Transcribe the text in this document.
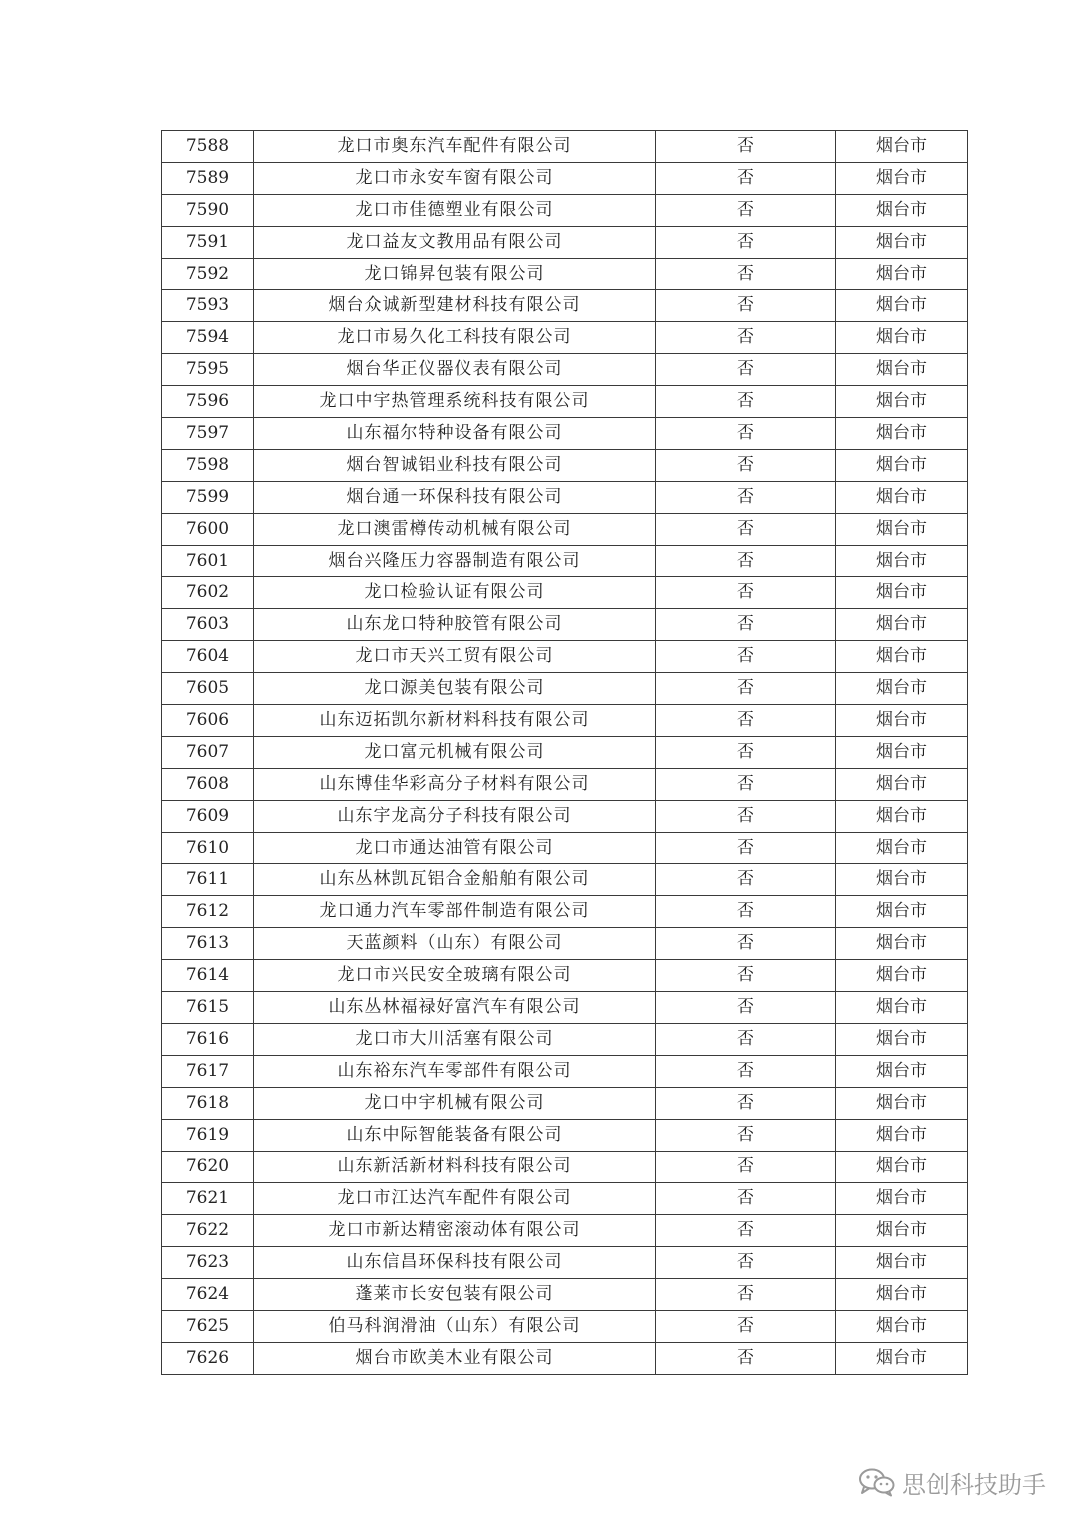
7588	龙口市奥东汽车配件有限公司	否	烟台市
7589	龙口市永安车窗有限公司	否	烟台市
7590	龙口市佳德塑业有限公司	否	烟台市
7591	龙口益友文教用品有限公司	否	烟台市
7592	龙口锦昇包装有限公司	否	烟台市
7593	烟台众诚新型建材科技有限公司	否	烟台市
7594	龙口市易久化工科技有限公司	否	烟台市
7595	烟台华正仪器仪表有限公司	否	烟台市
7596	龙口中宇热管理系统科技有限公司	否	烟台市
7597	山东福尔特种设备有限公司	否	烟台市
7598	烟台智诚铝业科技有限公司	否	烟台市
7599	烟台通一环保科技有限公司	否	烟台市
7600	龙口澳雷樽传动机械有限公司	否	烟台市
7601	烟台兴隆压力容器制造有限公司	否	烟台市
7602	龙口检验认证有限公司	否	烟台市
7603	山东龙口特种胶管有限公司	否	烟台市
7604	龙口市天兴工贸有限公司	否	烟台市
7605	龙口源美包装有限公司	否	烟台市
7606	山东迈拓凯尔新材料科技有限公司	否	烟台市
7607	龙口富元机械有限公司	否	烟台市
7608	山东博佳华彩高分子材料有限公司	否	烟台市
7609	山东宇龙高分子科技有限公司	否	烟台市
7610	龙口市通达油管有限公司	否	烟台市
7611	山东丛林凯瓦铝合金船舶有限公司	否	烟台市
7612	龙口通力汽车零部件制造有限公司	否	烟台市
7613	天蓝颜料（山东）有限公司	否	烟台市
7614	龙口市兴民安全玻璃有限公司	否	烟台市
7615	山东丛林福禄好富汽车有限公司	否	烟台市
7616	龙口市大川活塞有限公司	否	烟台市
7617	山东裕东汽车零部件有限公司	否	烟台市
7618	龙口中宇机械有限公司	否	烟台市
7619	山东中际智能装备有限公司	否	烟台市
7620	山东新活新材料科技有限公司	否	烟台市
7621	龙口市江达汽车配件有限公司	否	烟台市
7622	龙口市新达精密滚动体有限公司	否	烟台市
7623	山东信昌环保科技有限公司	否	烟台市
7624	蓬莱市长安包装有限公司	否	烟台市
7625	伯马科润滑油（山东）有限公司	否	烟台市
7626	烟台市欧美木业有限公司	否	烟台市
思创科技助手
